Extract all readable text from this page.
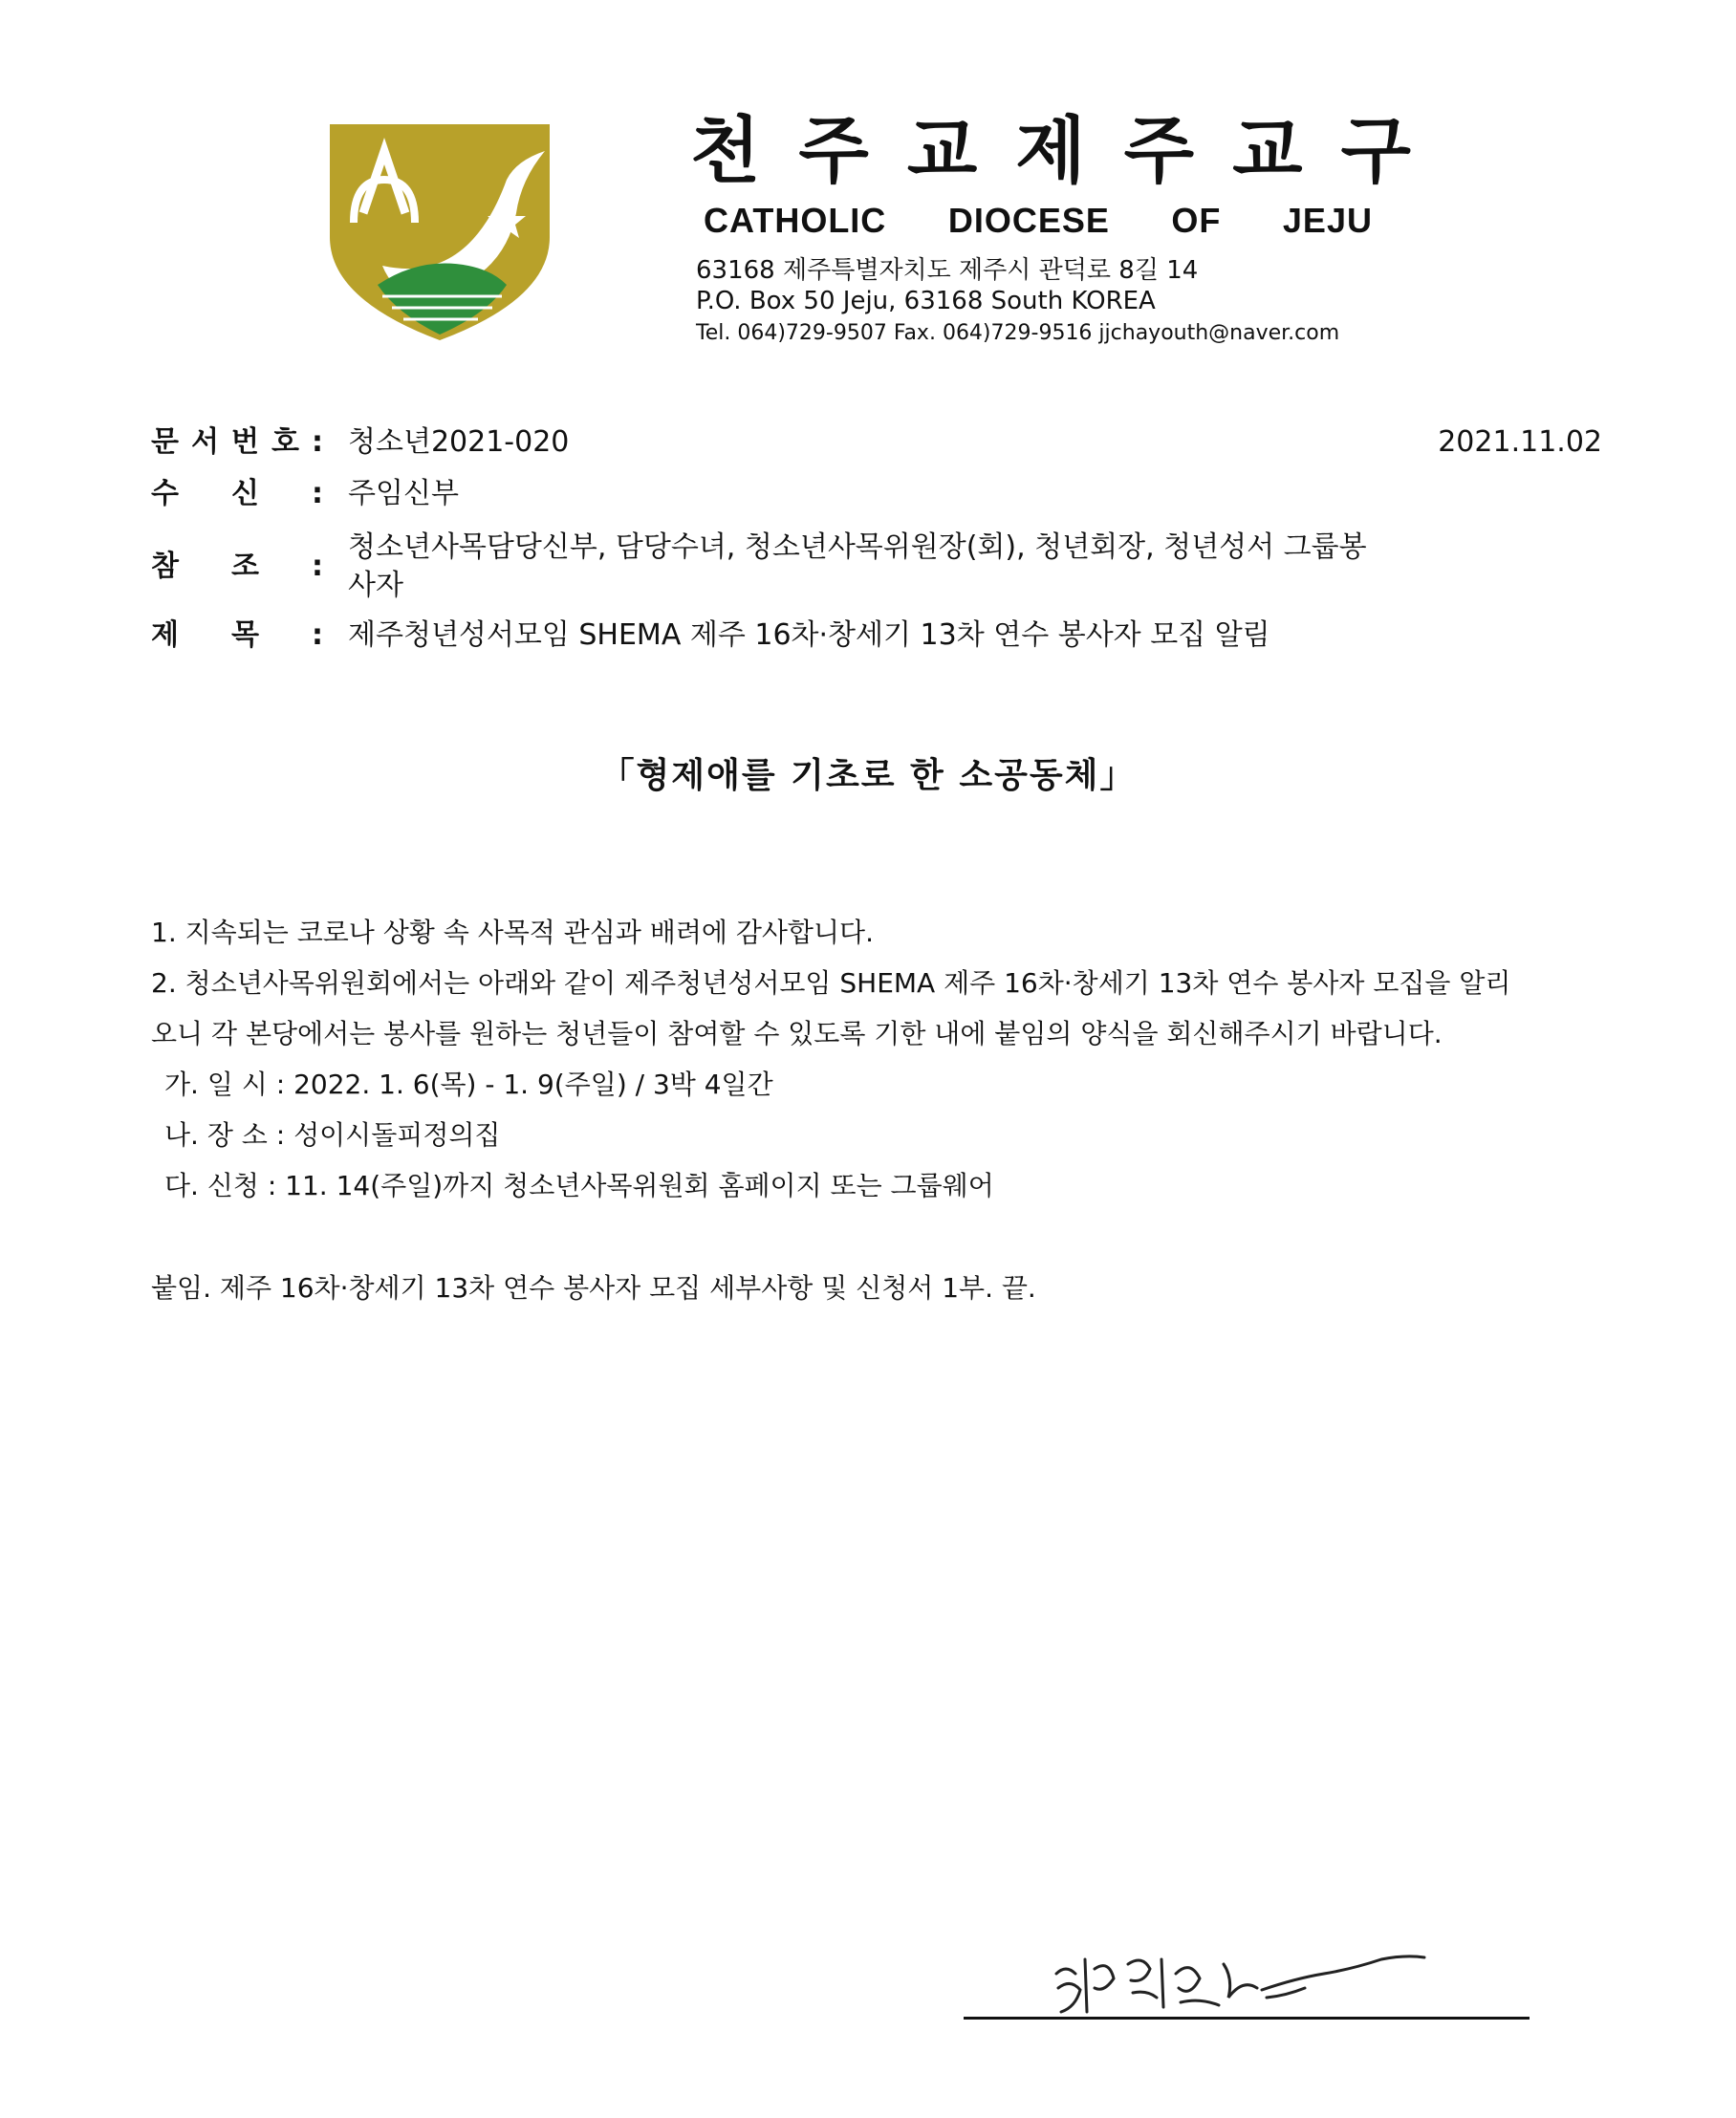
천주교제주교구
CATHOLIC DIOCESE OF JEJU
63168 제주특별자치도 제주시 관덕로 8길 14
P.O. Box 50 Jeju, 63168 South KOREA
Tel. 064)729-9507 Fax. 064)729-9516 jjchayouth@naver.com
문 서 번 호 : 청소년2021-020	2021.11.02
수 신 : 주임신부
참 조 :
청소년사목담당신부, 담당수녀, 청소년사목위원장(회), 청년회장, 청년성서 그룹봉
사자
제 목 : 제주청년성서모임 SHEMA 제주 16차·창세기 13차 연수 봉사자 모집 알림
「형제애를 기초로 한 소공동체」
1. 지속되는 코로나 상황 속 사목적 관심과 배려에 감사합니다.
2. 청소년사목위원회에서는 아래와 같이 제주청년성서모임 SHEMA 제주 16차·창세기 13차 연수 봉사자 모집을 알리
오니 각 본당에서는 봉사를 원하는 청년들이 참여할 수 있도록 기한 내에 붙임의 양식을 회신해주시기 바랍니다.
가. 일 시 : 2022. 1. 6(목) - 1. 9(주일) / 3박 4일간
나. 장 소 : 성이시돌피정의집
다. 신청 : 11. 14(주일)까지 청소년사목위원회 홈페이지 또는 그룹웨어
붙임. 제주 16차·창세기 13차 연수 봉사자 모집 세부사항 및 신청서 1부. 끝.
